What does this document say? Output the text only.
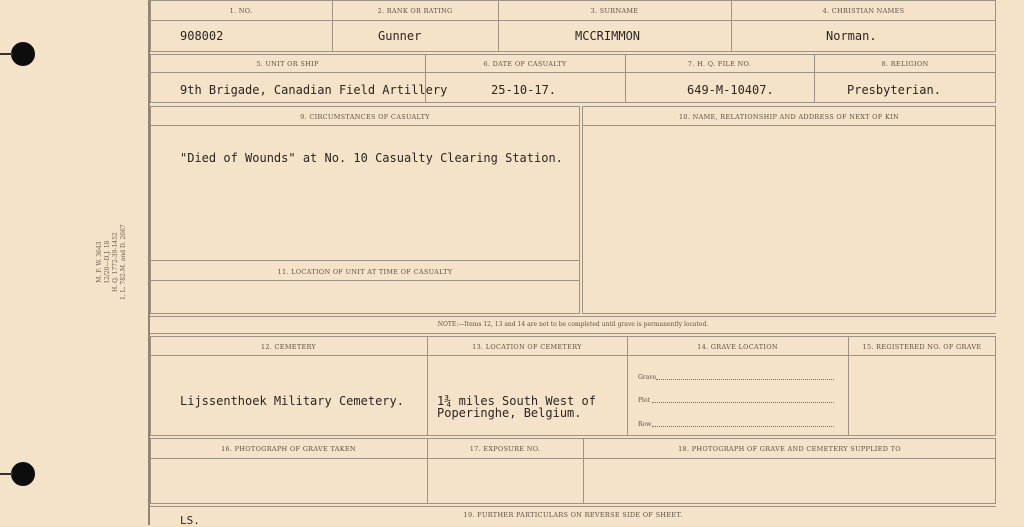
M. F. W. 3643 12/20—D.J. 18 H. Q. 1772-39-1452 1. L. 782-M. and D. 2667
1. NO.	2. RANK OR RATING	3. SURNAME	4. CHRISTIAN NAMES
908002	Gunner	MCCRIMMON	Norman.
5. UNIT OR SHIP	6. DATE OF CASUALTY	7. H. Q. FILE NO.	8. RELIGION
9th Brigade, Canadian Field Artillery	25-10-17.	649-M-10407.	Presbyterian.
9. CIRCUMSTANCES OF CASUALTY
"Died of Wounds" at No. 10 Casualty Clearing Station.
11. LOCATION OF UNIT AT TIME OF CASUALTY
10. NAME, RELATIONSHIP AND ADDRESS OF NEXT OF KIN
NOTE:—Items 12, 13 and 14 are not to be completed until grave is permanently located.
12. CEMETERY	13. LOCATION OF CEMETERY	14. GRAVE LOCATION	15. REGISTERED NO. OF GRAVE
Lijssenthoek Military Cemetery.	1¾ miles South West of
Poperinghe, Belgium.
Grave
Plot
Row
16. PHOTOGRAPH OF GRAVE TAKEN	17. EXPOSURE NO.	18. PHOTOGRAPH OF GRAVE AND CEMETERY SUPPLIED TO
19. FURTHER PARTICULARS ON REVERSE SIDE OF SHEET.
LS.
